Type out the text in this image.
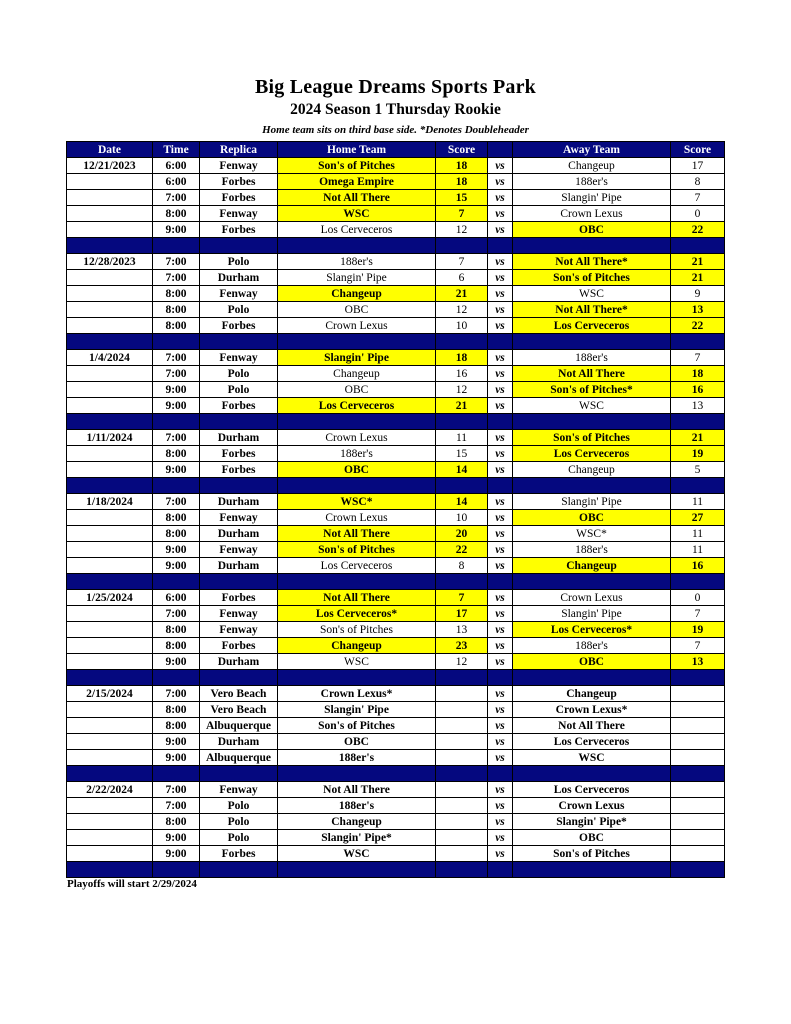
Big League Dreams Sports Park
2024 Season 1 Thursday Rookie
Home team sits on third base side. *Denotes Doubleheader
Date	Time	Replica	Home Team	Score		Away Team	Score
12/21/2023	6:00	Fenway	Son's of Pitches	18	vs	Changeup	17
	6:00	Forbes	Omega Empire	18	vs	188er's	8
	7:00	Forbes	Not All There	15	vs	Slangin' Pipe	7
	8:00	Fenway	WSC	7	vs	Crown Lexus	0
	9:00	Forbes	Los Cerveceros	12	vs	OBC	22

12/28/2023	7:00	Polo	188er's	7	vs	Not All There*	21
	7:00	Durham	Slangin' Pipe	6	vs	Son's of Pitches	21
	8:00	Fenway	Changeup	21	vs	WSC	9
	8:00	Polo	OBC	12	vs	Not All There*	13
	8:00	Forbes	Crown Lexus	10	vs	Los Cerveceros	22

1/4/2024	7:00	Fenway	Slangin' Pipe	18	vs	188er's	7
	7:00	Polo	Changeup	16	vs	Not All There	18
	9:00	Polo	OBC	12	vs	Son's of Pitches*	16
	9:00	Forbes	Los Cerveceros	21	vs	WSC	13

1/11/2024	7:00	Durham	Crown Lexus	11	vs	Son's of Pitches	21
	8:00	Forbes	188er's	15	vs	Los Cerveceros	19
	9:00	Forbes	OBC	14	vs	Changeup	5

1/18/2024	7:00	Durham	WSC*	14	vs	Slangin' Pipe	11
	8:00	Fenway	Crown Lexus	10	vs	OBC	27
	8:00	Durham	Not All There	20	vs	WSC*	11
	9:00	Fenway	Son's of Pitches	22	vs	188er's	11
	9:00	Durham	Los Cerveceros	8	vs	Changeup	16

1/25/2024	6:00	Forbes	Not All There	7	vs	Crown Lexus	0
	7:00	Fenway	Los Cerveceros*	17	vs	Slangin' Pipe	7
	8:00	Fenway	Son's of Pitches	13	vs	Los Cerveceros*	19
	8:00	Forbes	Changeup	23	vs	188er's	7
	9:00	Durham	WSC	12	vs	OBC	13

2/15/2024	7:00	Vero Beach	Crown Lexus*		vs	Changeup	
	8:00	Vero Beach	Slangin' Pipe		vs	Crown Lexus*	
	8:00	Albuquerque	Son's of Pitches		vs	Not All There	
	9:00	Durham	OBC		vs	Los Cerveceros	
	9:00	Albuquerque	188er's		vs	WSC	

2/22/2024	7:00	Fenway	Not All There		vs	Los Cerveceros	
	7:00	Polo	188er's		vs	Crown Lexus	
	8:00	Polo	Changeup		vs	Slangin' Pipe*	
	9:00	Polo	Slangin' Pipe*		vs	OBC	
	9:00	Forbes	WSC		vs	Son's of Pitches	

Playoffs will start 2/29/2024
